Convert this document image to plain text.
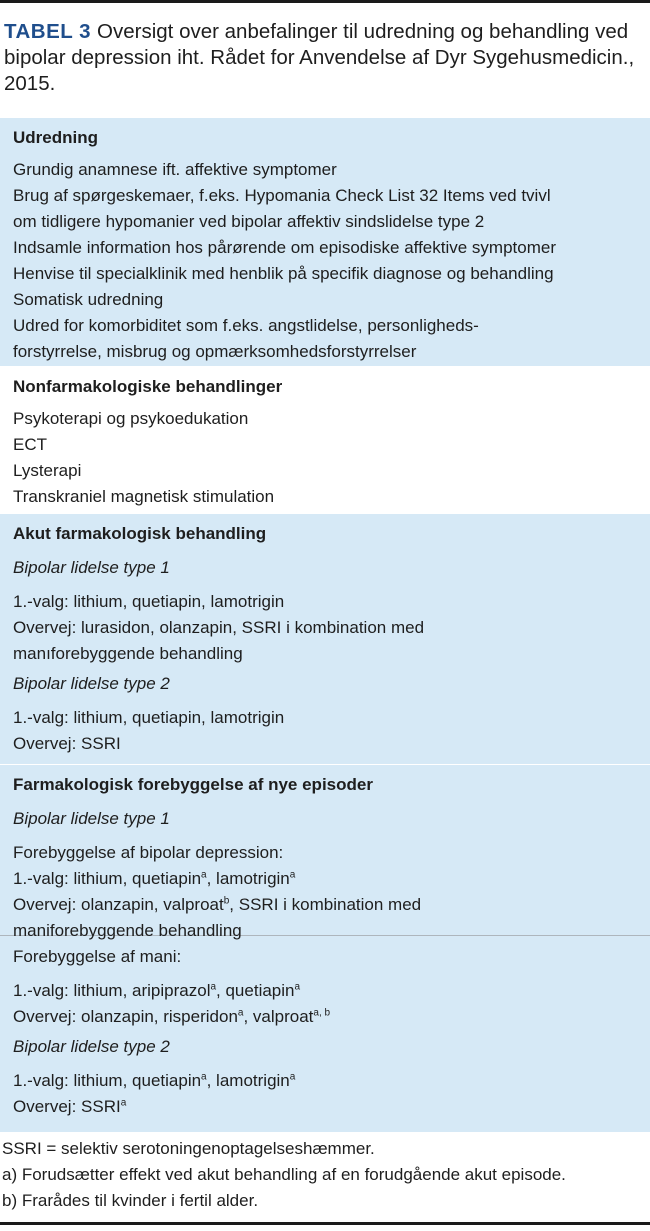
TABEL 3 Oversigt over anbefalinger til udredning og behandling ved bipolar depression iht. Rådet for Anvendelse af Dyr Sygehusmedicin., 2015.
Udredning
Grundig anamnese ift. affektive symptomer
Brug af spørgeskemaer, f.eks. Hypomania Check List 32 Items ved tvivl
om tidligere hypomanier ved bipolar affektiv sindslidelse type 2
Indsamle information hos pårørende om episodiske affektive symptomer
Henvise til specialklinik med henblik på specifik diagnose og behandling
Somatisk udredning
Udred for komorbiditet som f.eks. angstlidelse, personligheds-
forstyrrelse, misbrug og opmærksomhedsforstyrrelser
Nonfarmakologiske behandlinger
Psykoterapi og psykoedukation
ECT
Lysterapi
Transkraniel magnetisk stimulation
Akut farmakologisk behandling
Bipolar lidelse type 1
1.-valg: lithium, quetiapin, lamotrigin
Overvej: lurasidon, olanzapin, SSRI i kombination med
manıforebyggende behandling
Bipolar lidelse type 2
1.-valg: lithium, quetiapin, lamotrigin
Overvej: SSRI
Farmakologisk forebyggelse af nye episoder
Bipolar lidelse type 1
Forebyggelse af bipolar depression:
1.-valg: lithium, quetiapin$^a$, lamotrigin$^a$
Overvej: olanzapin, valproat$^b$, SSRI i kombination med
maniforebyggende behandling
Forebyggelse af mani:
1.-valg: lithium, aripiprazol$^a$, quetiapin$^a$
Overvej: olanzapin, risperidon$^a$, valproat$^{a, b}$
Bipolar lidelse type 2
1.-valg: lithium, quetiapin$^a$, lamotrigin$^a$
Overvej: SSRI$^a$
SSRI = selektiv serotoningenoptagelseshæmmer.
a) Forudsætter effekt ved akut behandling af en forudgående akut episode.
b) Frarådes til kvinder i fertil alder.
